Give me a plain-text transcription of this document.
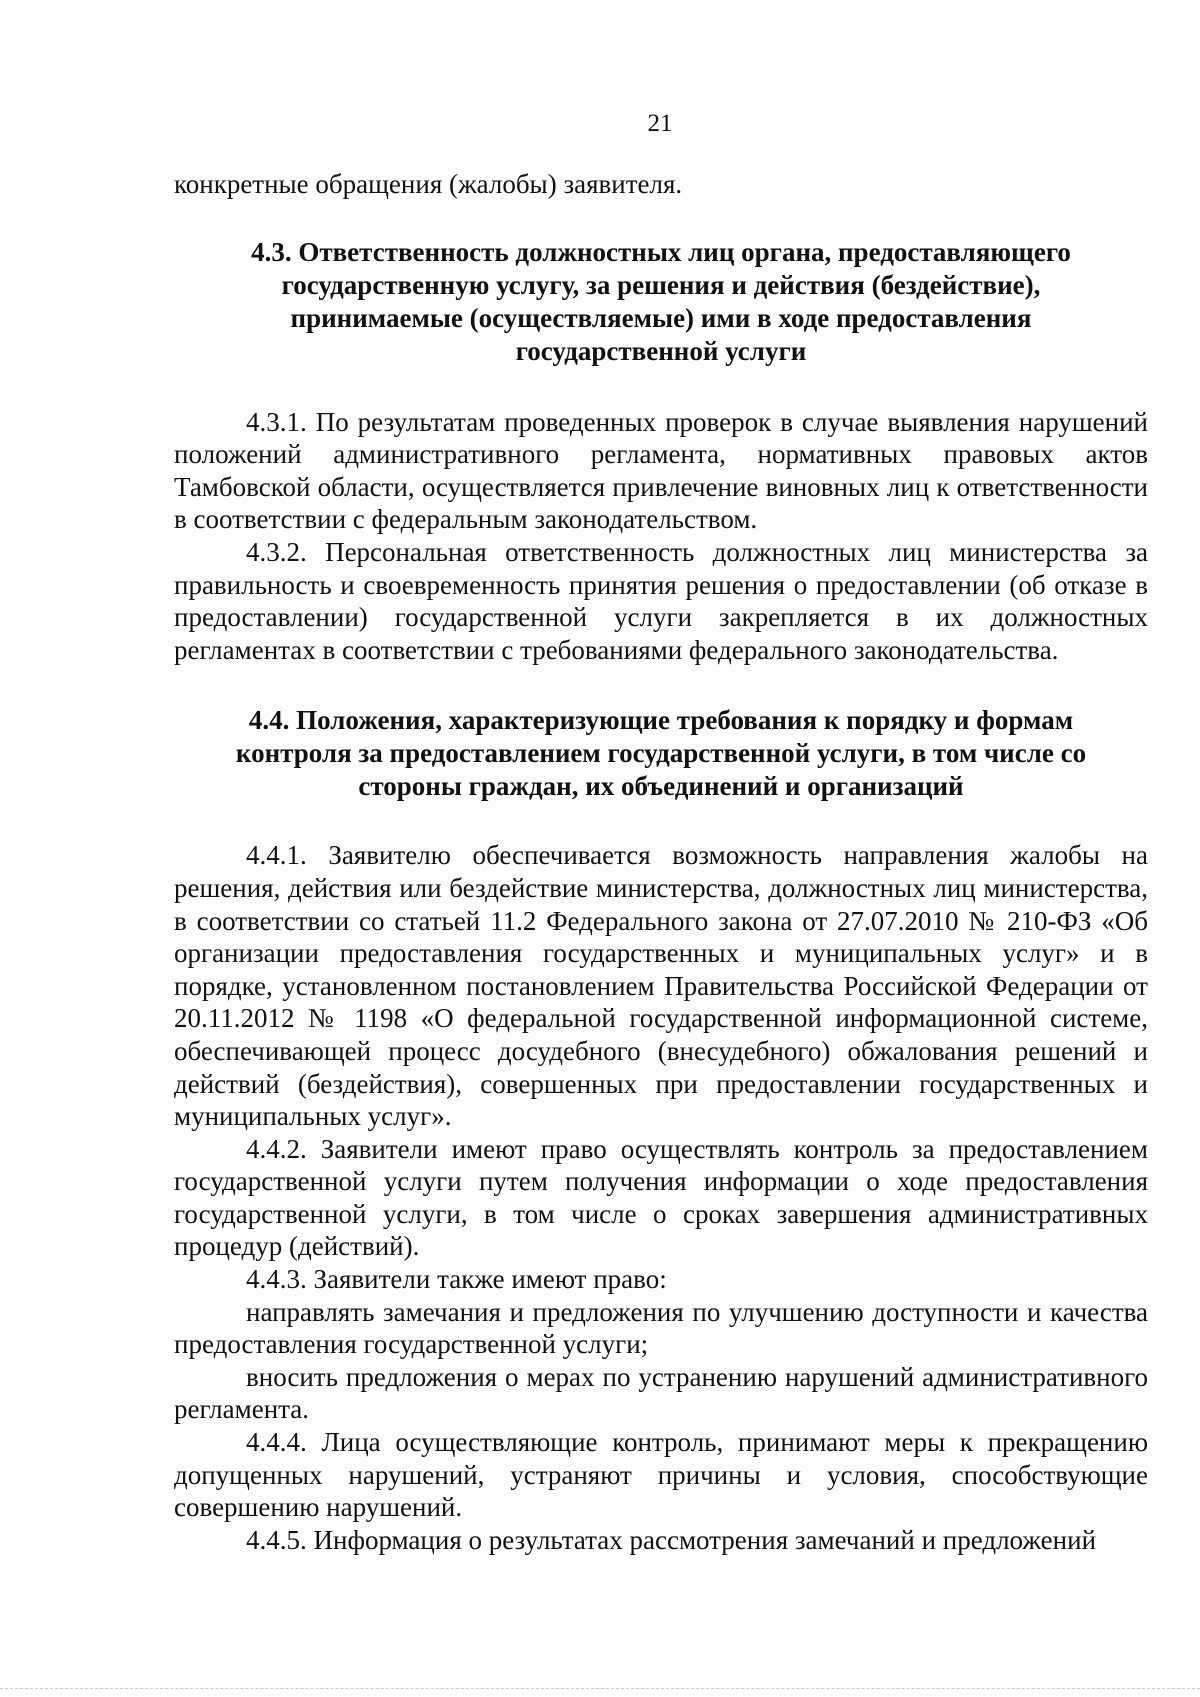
21

конкретные обращения (жалобы) заявителя.

4.3. Ответственность должностных лиц органа, предоставляющего государственную услугу, за решения и действия (бездействие), принимаемые (осуществляемые) ими в ходе предоставления государственной услуги

4.3.1. По результатам проведенных проверок в случае выявления нарушений положений административного регламента, нормативных правовых актов Тамбовской области, осуществляется привлечение виновных лиц к ответственности в соответствии с федеральным законодательством.

4.3.2. Персональная ответственность должностных лиц министерства за правильность и своевременность принятия решения о предоставлении (об отказе в предоставлении) государственной услуги закрепляется в их должностных регламентах в соответствии с требованиями федерального законодательства.

4.4. Положения, характеризующие требования к порядку и формам контроля за предоставлением государственной услуги, в том числе со стороны граждан, их объединений и организаций

4.4.1. Заявителю обеспечивается возможность направления жалобы на решения, действия или бездействие министерства, должностных лиц министерства, в соответствии со статьей 11.2 Федерального закона от 27.07.2010 № 210-ФЗ «Об организации предоставления государственных и муниципальных услуг» и в порядке, установленном постановлением Правительства Российской Федерации от 20.11.2012 № 1198 «О федеральной государственной информационной системе, обеспечивающей процесс досудебного (внесудебного) обжалования решений и действий (бездействия), совершенных при предоставлении государственных и муниципальных услуг».

4.4.2. Заявители имеют право осуществлять контроль за предоставлением государственной услуги путем получения информации о ходе предоставления государственной услуги, в том числе о сроках завершения административных процедур (действий).

4.4.3. Заявители также имеют право:

направлять замечания и предложения по улучшению доступности и качества предоставления государственной услуги;

вносить предложения о мерах по устранению нарушений административного регламента.

4.4.4. Лица осуществляющие контроль, принимают меры к прекращению допущенных нарушений, устраняют причины и условия, способствующие совершению нарушений.

4.4.5. Информация о результатах рассмотрения замечаний и предложений
